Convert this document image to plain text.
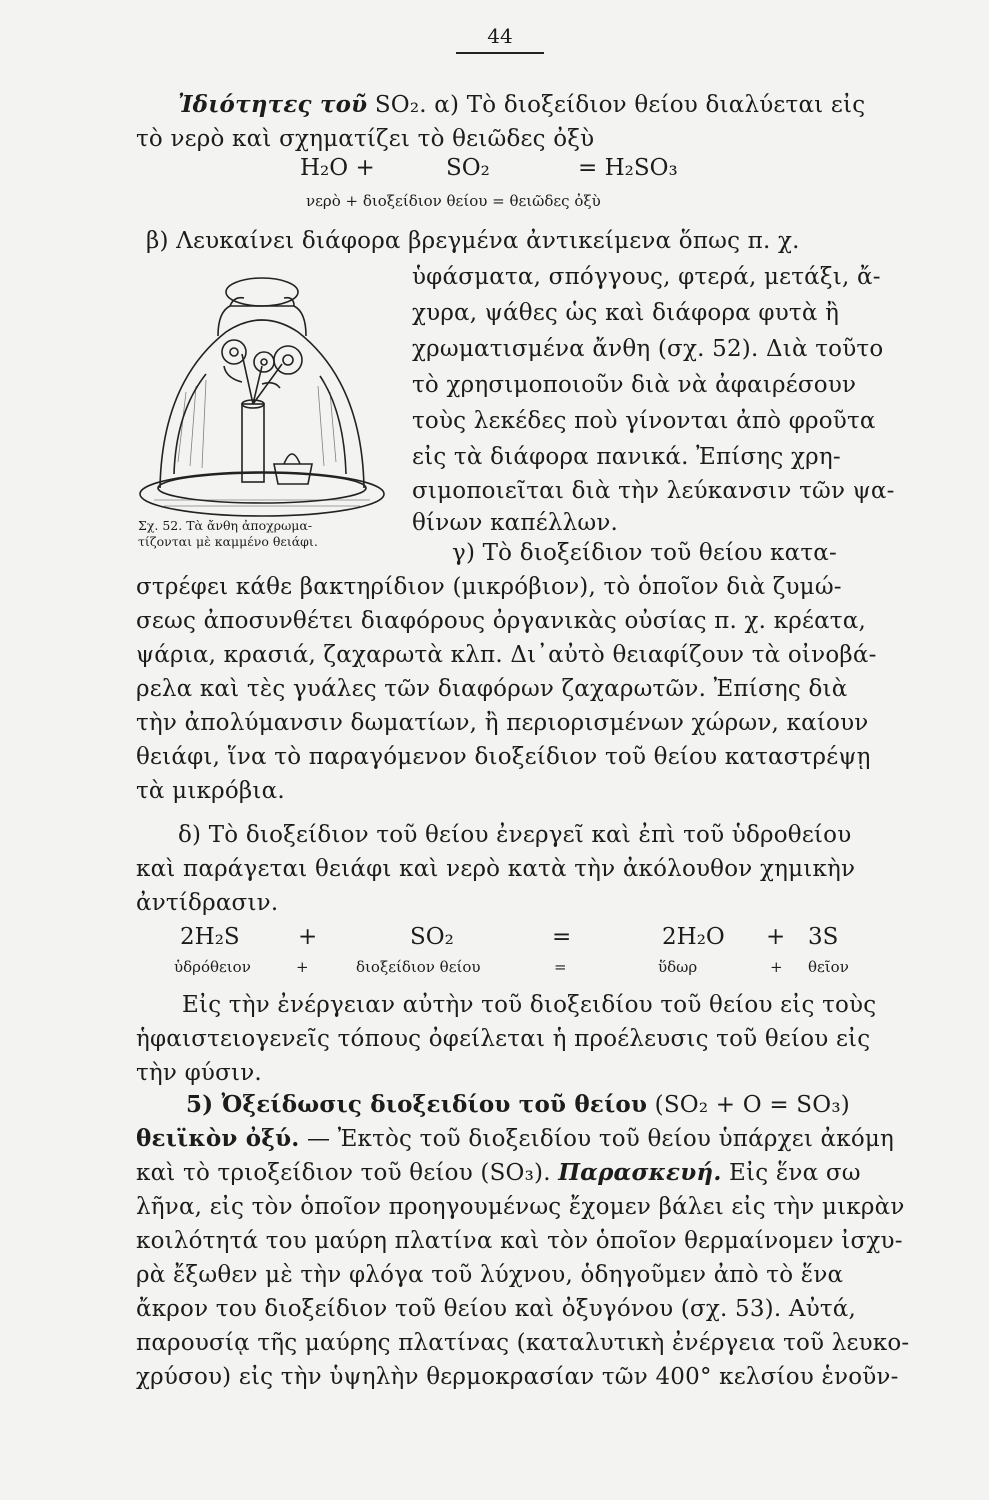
44
Ἰδιότητες τοῦ SO₂. α) Τὸ διοξείδιον θείου διαλύεται εἰς
τὸ νερὸ καὶ σχηματίζει τὸ θειῶδες ὀξὺ
H₂O +	SO₂	= H₂SO₃
νερὸ + διοξείδιον θείου = θειῶδες ὀξὺ
β) Λευκαίνει διάφορα βρεγμένα ἀντικείμενα ὅπως π. χ.
ὑφάσματα, σπόγγους, φτερά, μετάξι, ἄ-
χυρα, ψάθες ὡς καὶ διάφορα φυτὰ ἢ
χρωματισμένα ἄνθη (σχ. 52). Διὰ τοῦτο
τὸ χρησιμοποιοῦν διὰ νὰ ἀφαιρέσουν
τοὺς λεκέδες ποὺ γίνονται ἀπὸ φροῦτα
εἰς τὰ διάφορα πανικά. Ἐπίσης χρη-
σιμοποιεῖται διὰ τὴν λεύκανσιν τῶν ψα-
θίνων καπέλλων.
Σχ. 52. Τὰ ἄνθη ἀποχρωμα-
τίζονται μὲ καμμένο θειάφι.	γ) Τὸ διοξείδιον τοῦ θείου κατα-
στρέφει κάθε βακτηρίδιον (μικρόβιον), τὸ ὁποῖον διὰ ζυμώ-
σεως ἀποσυνθέτει διαφόρους ὀργανικὰς οὐσίας π. χ. κρέατα,
ψάρια, κρασιά, ζαχαρωτὰ κλπ. Δι᾽αὐτὸ θειαφίζουν τὰ οἰνοβά-
ρελα καὶ τὲς γυάλες τῶν διαφόρων ζαχαρωτῶν. Ἐπίσης διὰ
τὴν ἀπολύμανσιν δωματίων, ἢ περιορισμένων χώρων, καίουν
θειάφι, ἵνα τὸ παραγόμενον διοξείδιον τοῦ θείου καταστρέψῃ
τὰ μικρόβια.
δ) Τὸ διοξείδιον τοῦ θείου ἐνεργεῖ καὶ ἐπὶ τοῦ ὑδροθείου
καὶ παράγεται θειάφι καὶ νερὸ κατὰ τὴν ἀκόλουθον χημικὴν
ἀντίδρασιν.
2H₂S	+	SO₂	=	2H₂O + 3S
ὑδρόθειον	+	διοξείδιον θείου	=	ὕδωρ	+ θεῖον
Εἰς τὴν ἐνέργειαν αὐτὴν τοῦ διοξειδίου τοῦ θείου εἰς τοὺς
ἡφαιστειογενεῖς τόπους ὀφείλεται ἡ προέλευσις τοῦ θείου εἰς
τὴν φύσιν.
5) Ὀξείδωσις διοξειδίου τοῦ θείου (SO₂ + O = SO₃)
θειϊκὸν ὀξύ. — Ἐκτὸς τοῦ διοξειδίου τοῦ θείου ὑπάρχει ἀκόμη
καὶ τὸ τριοξείδιον τοῦ θείου (SO₃). Παρασκευή. Εἰς ἕνα σω
λῆνα, εἰς τὸν ὁποῖον προηγουμένως ἔχομεν βάλει εἰς τὴν μικρὰν
κοιλότητά του μαύρη πλατίνα καὶ τὸν ὁποῖον θερμαίνομεν ἰσχυ-
ρὰ ἔξωθεν μὲ τὴν φλόγα τοῦ λύχνου, ὁδηγοῦμεν ἀπὸ τὸ ἕνα
ἄκρον του διοξείδιον τοῦ θείου καὶ ὀξυγόνου (σχ. 53). Αὐτά,
παρουσίᾳ τῆς μαύρης πλατίνας (καταλυτικὴ ἐνέργεια τοῦ λευκο-
χρύσου) εἰς τὴν ὑψηλὴν θερμοκρασίαν τῶν 400° κελσίου ἑνοῦν-
